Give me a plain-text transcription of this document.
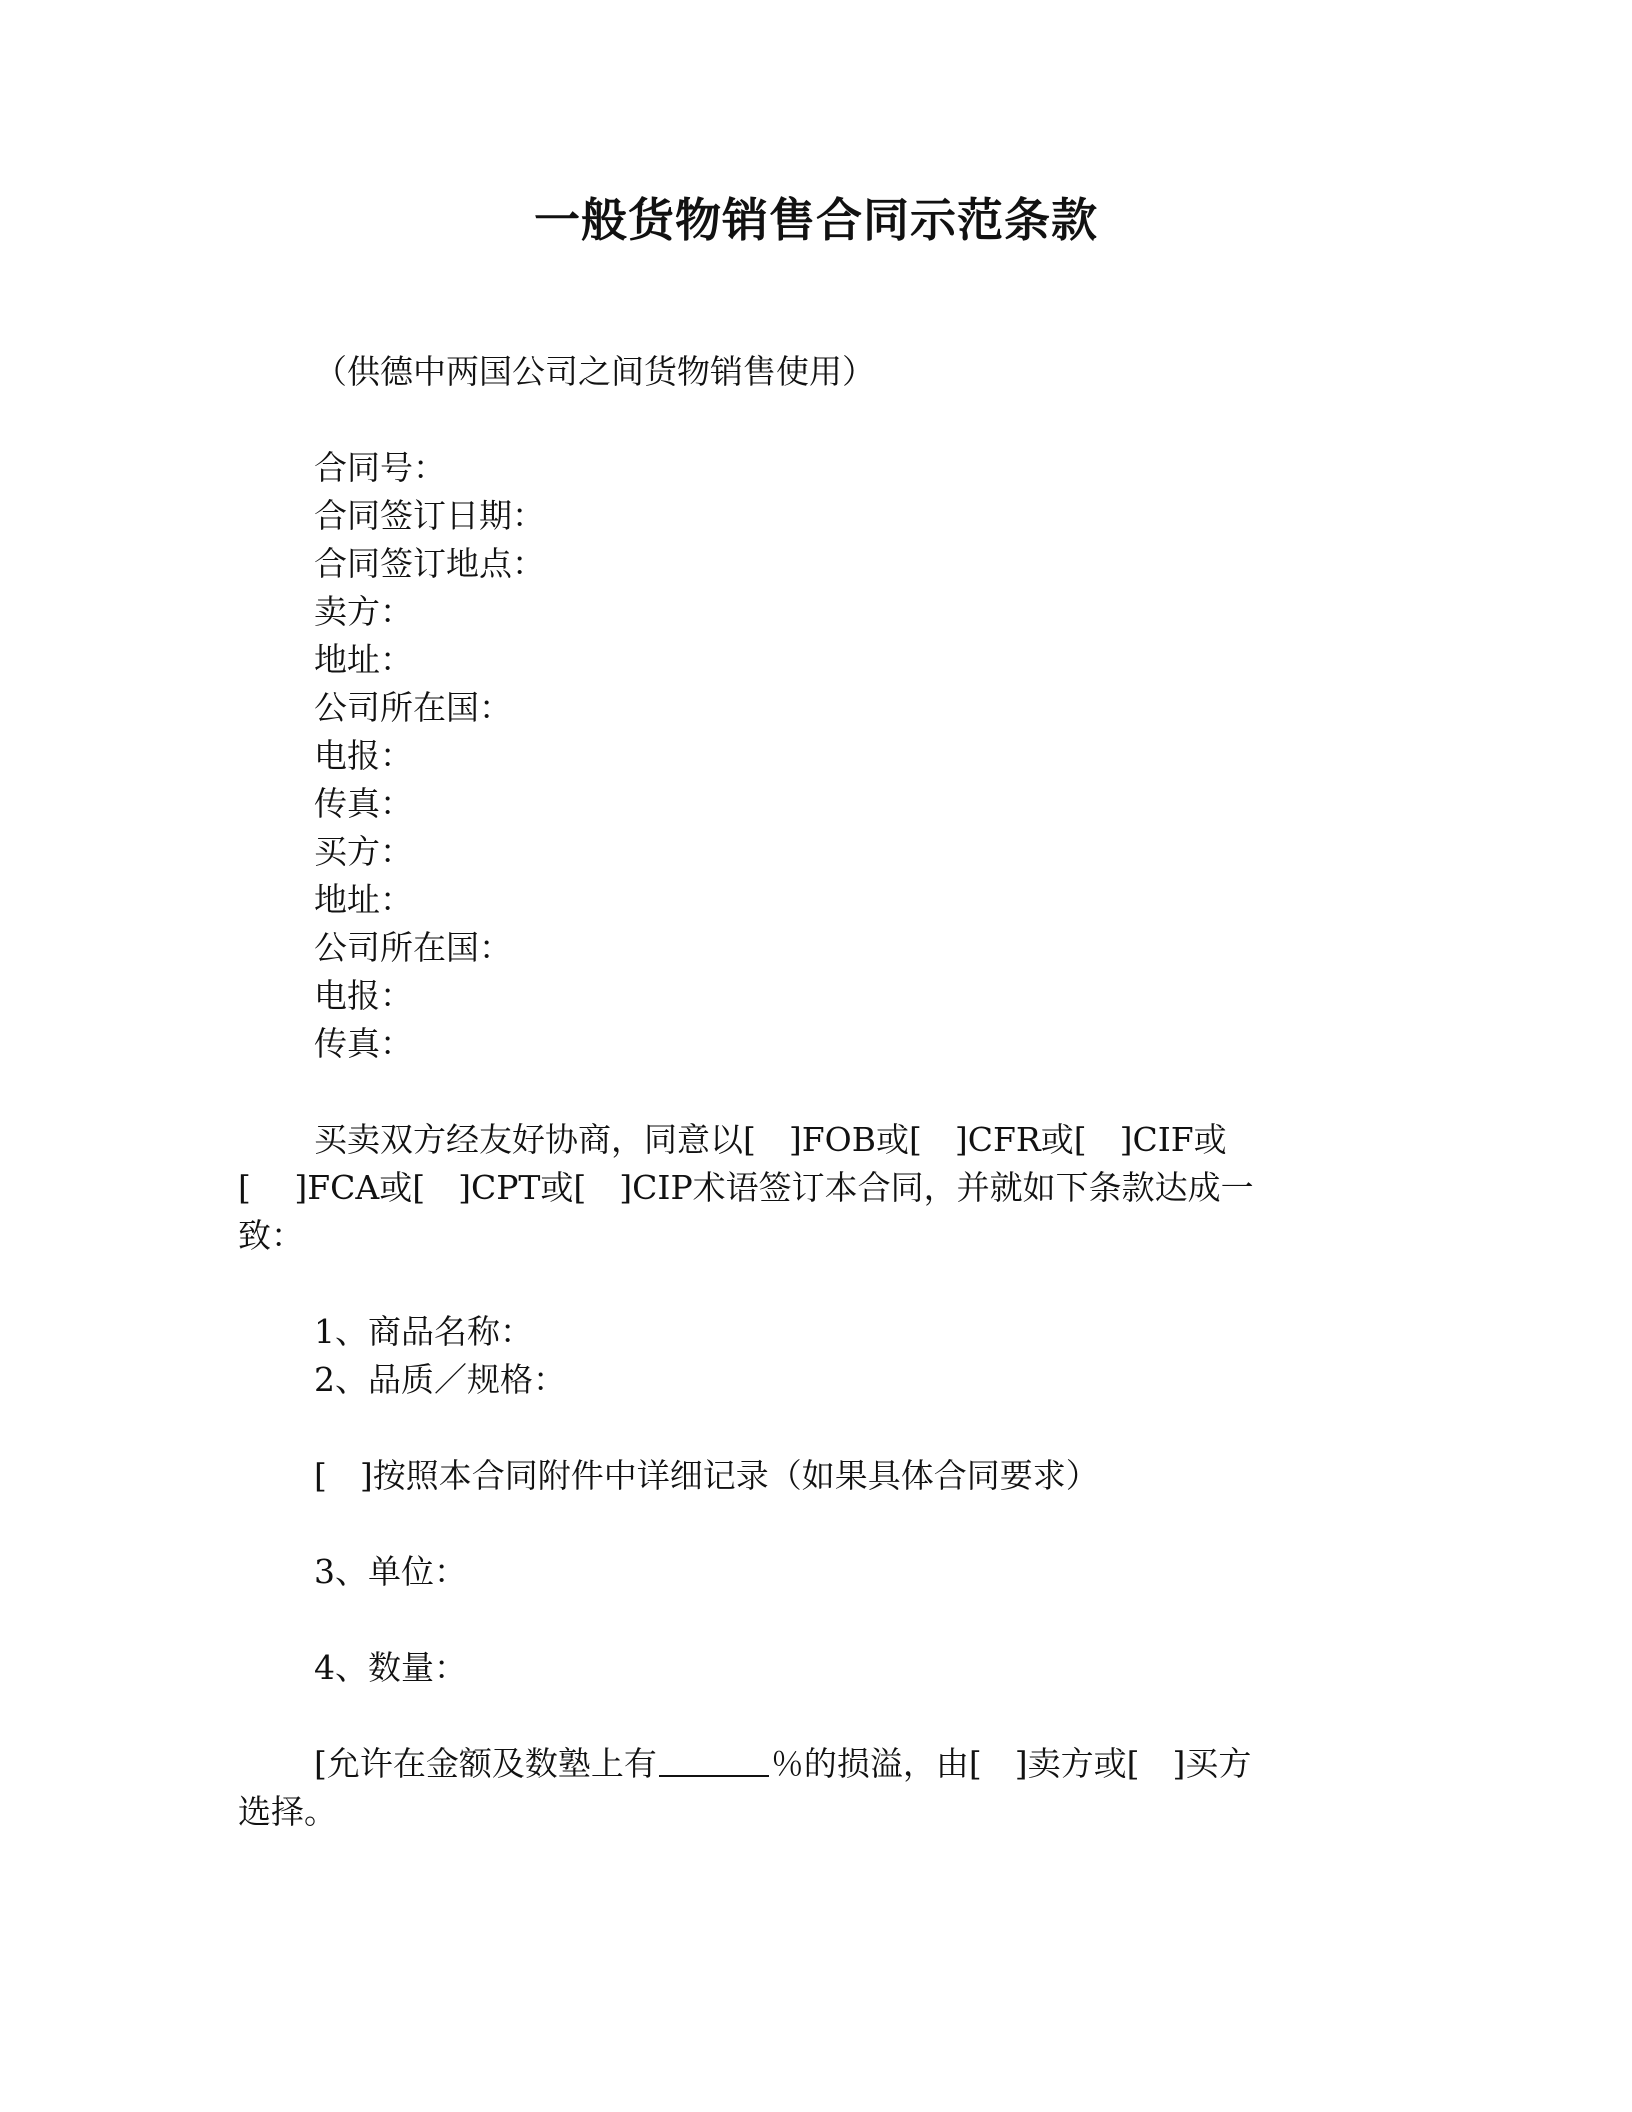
一般货物销售合同示范条款
（供德中两国公司之间货物销售使用）
合同号：
合同签订日期：
合同签订地点：
卖方：
地址：
公司所在国：
电报：
传真：
买方：
地址：
公司所在国：
电报：
传真：
买卖双方经友好协商，同意以[　]FOB或[　]CFR或[　]CIF或
[　 ]FCA或[　]CPT或[　]CIP术语签订本合同，并就如下条款达成一
致：
1、商品名称：
2、品质／规格：
[　]按照本合同附件中详细记录（如果具体合同要求）
3、单位：
4、数量：
[允许在金额及数塾上有	％的损溢，由[　]卖方或[　]买方
选择。
